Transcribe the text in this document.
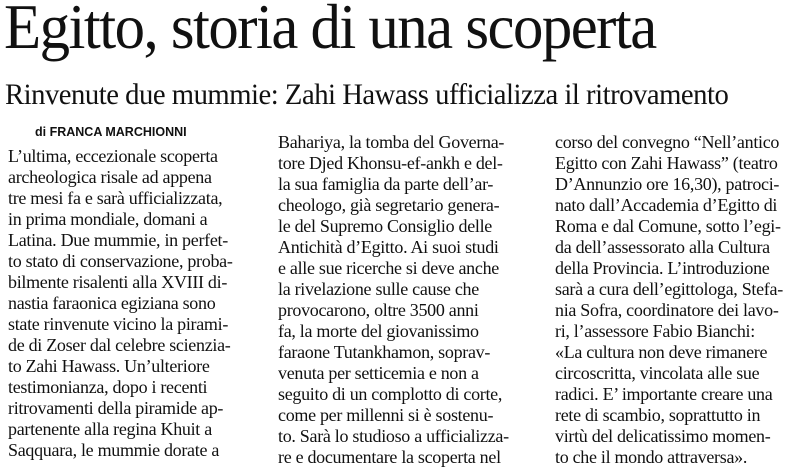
Egitto, storia di una scoperta
Rinvenute due mummie: Zahi Hawass ufficializza il ritrovamento
di FRANCA MARCHIONNI
L’ultima, eccezionale scoperta
archeologica risale ad appena
tre mesi fa e sarà ufficializzata,
in prima mondiale, domani a
Latina. Due mummie, in perfet-
to stato di conservazione, proba-
bilmente risalenti alla XVIII di-
nastia faraonica egiziana sono
state rinvenute vicino la pirami-
de di Zoser dal celebre scienzia-
to Zahi Hawass. Un’ulteriore
testimonianza, dopo i recenti
ritrovamenti della piramide ap-
partenente alla regina Khuit a
Saqquara, le mummie dorate a
Bahariya, la tomba del Governa-
tore Djed Khonsu-ef-ankh e del-
la sua famiglia da parte dell’ar-
cheologo, già segretario genera-
le del Supremo Consiglio delle
Antichità d’Egitto. Ai suoi studi
e alle sue ricerche si deve anche
la rivelazione sulle cause che
provocarono, oltre 3500 anni
fa, la morte del giovanissimo
faraone Tutankhamon, soprav-
venuta per setticemia e non a
seguito di un complotto di corte,
come per millenni si è sostenu-
to. Sarà lo studioso a ufficializza-
re e documentare la scoperta nel
corso del convegno “Nell’antico
Egitto con Zahi Hawass” (teatro
D’Annunzio ore 16,30), patroci-
nato dall’Accademia d’Egitto di
Roma e dal Comune, sotto l’egi-
da dell’assessorato alla Cultura
della Provincia. L’introduzione
sarà a cura dell’egittologa, Stefa-
nia Sofra, coordinatore dei lavo-
ri, l’assessore Fabio Bianchi:
«La cultura non deve rimanere
circoscritta, vincolata alle sue
radici. E’ importante creare una
rete di scambio, soprattutto in
virtù del delicatissimo momen-
to che il mondo attraversa».
